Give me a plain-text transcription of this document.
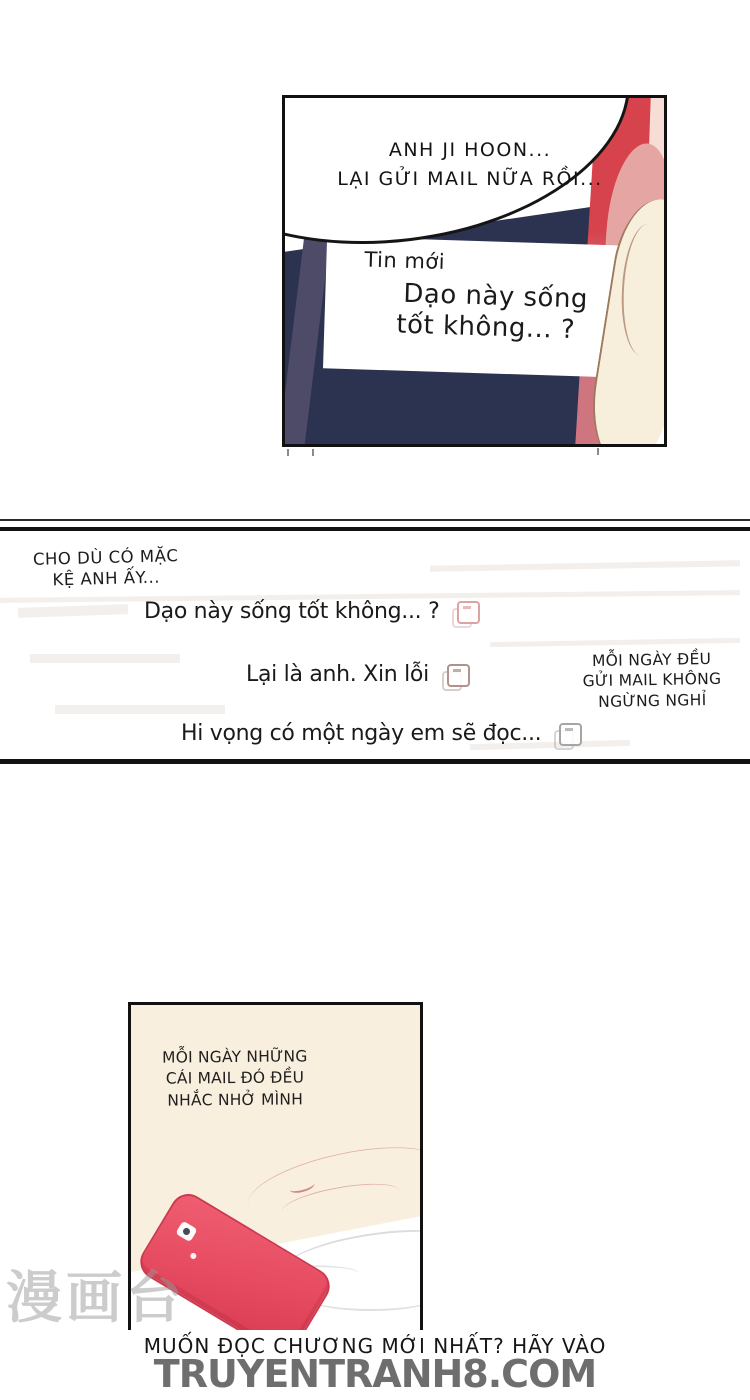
Tin mới
Dạo này sống
tốt không... ?
ANH JI HOON...
LẠI GỬI MAIL NỮA RỒI...
CHO DÙ CÓ MẶC
KỆ ANH ẤY...
Dạo này sống tốt không... ?
Lại là anh. Xin lỗi
Hi vọng có một ngày em sẽ đọc...
MỖI NGÀY ĐỀU
GỬI MAIL KHÔNG
NGỪNG NGHỈ
MỖI NGÀY NHỮNG
CÁI MAIL ĐÓ ĐỀU
NHẮC NHỞ MÌNH
漫画台
MUỐN ĐỌC CHƯƠNG MỚI NHẤT? HÃY VÀO
TRUYENTRANH8.COM
